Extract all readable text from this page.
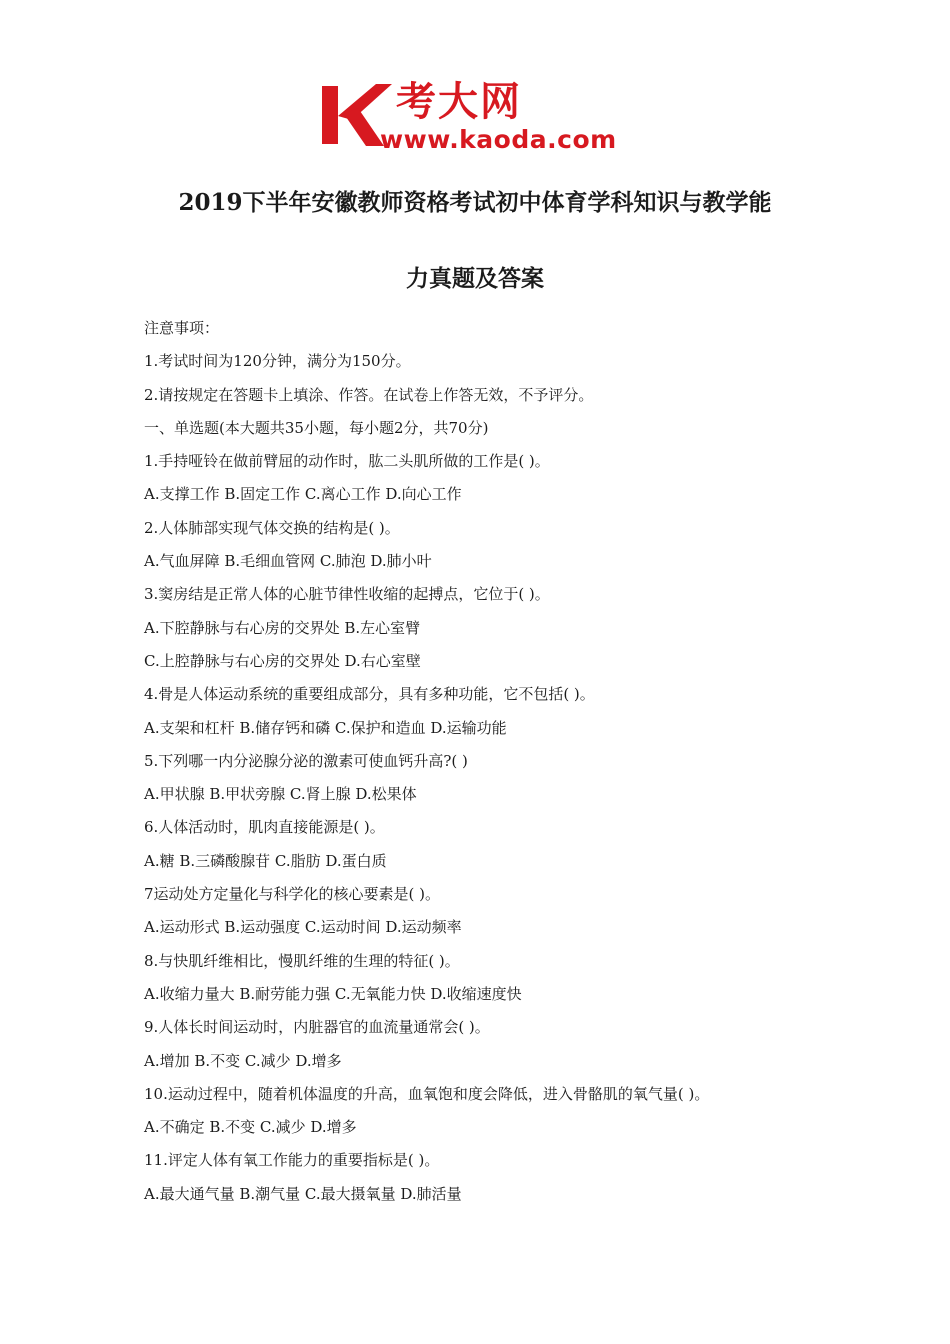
考大网
www.kaoda.com
2019下半年安徽教师资格考试初中体育学科知识与教学能
力真题及答案
注意事项：
1.考试时间为120分钟，满分为150分。
2.请按规定在答题卡上填涂、作答。在试卷上作答无效，不予评分。
一、单选题(本大题共35小题，每小题2分，共70分)
1.手持哑铃在做前臂屈的动作时，肱二头肌所做的工作是( )。
A.支撑工作 B.固定工作 C.离心工作 D.向心工作
2.人体肺部实现气体交换的结构是( )。
A.气血屏障 B.毛细血管网 C.肺泡 D.肺小叶
3.窦房结是正常人体的心脏节律性收缩的起搏点，它位于( )。
A.下腔静脉与右心房的交界处 B.左心室臂
C.上腔静脉与右心房的交界处 D.右心室壁
4.骨是人体运动系统的重要组成部分，具有多种功能，它不包括( )。
A.支架和杠杆 B.储存钙和磷 C.保护和造血 D.运输功能
5.下列哪一内分泌腺分泌的激素可使血钙升高?( )
A.甲状腺 B.甲状旁腺 C.肾上腺 D.松果体
6.人体活动时，肌肉直接能源是( )。
A.糖 B.三磷酸腺苷 C.脂肪 D.蛋白质
7运动处方定量化与科学化的核心要素是( )。
A.运动形式 B.运动强度 C.运动时间 D.运动频率
8.与快肌纤维相比，慢肌纤维的生理的特征( )。
A.收缩力量大 B.耐劳能力强 C.无氧能力快 D.收缩速度快
9.人体长时间运动时，内脏器官的血流量通常会( )。
A.增加 B.不变 C.减少 D.增多
10.运动过程中，随着机体温度的升高，血氧饱和度会降低，进入骨骼肌的氧气量( )。
A.不确定 B.不变 C.减少 D.增多
11.评定人体有氧工作能力的重要指标是( )。
A.最大通气量 B.潮气量 C.最大摄氧量 D.肺活量
